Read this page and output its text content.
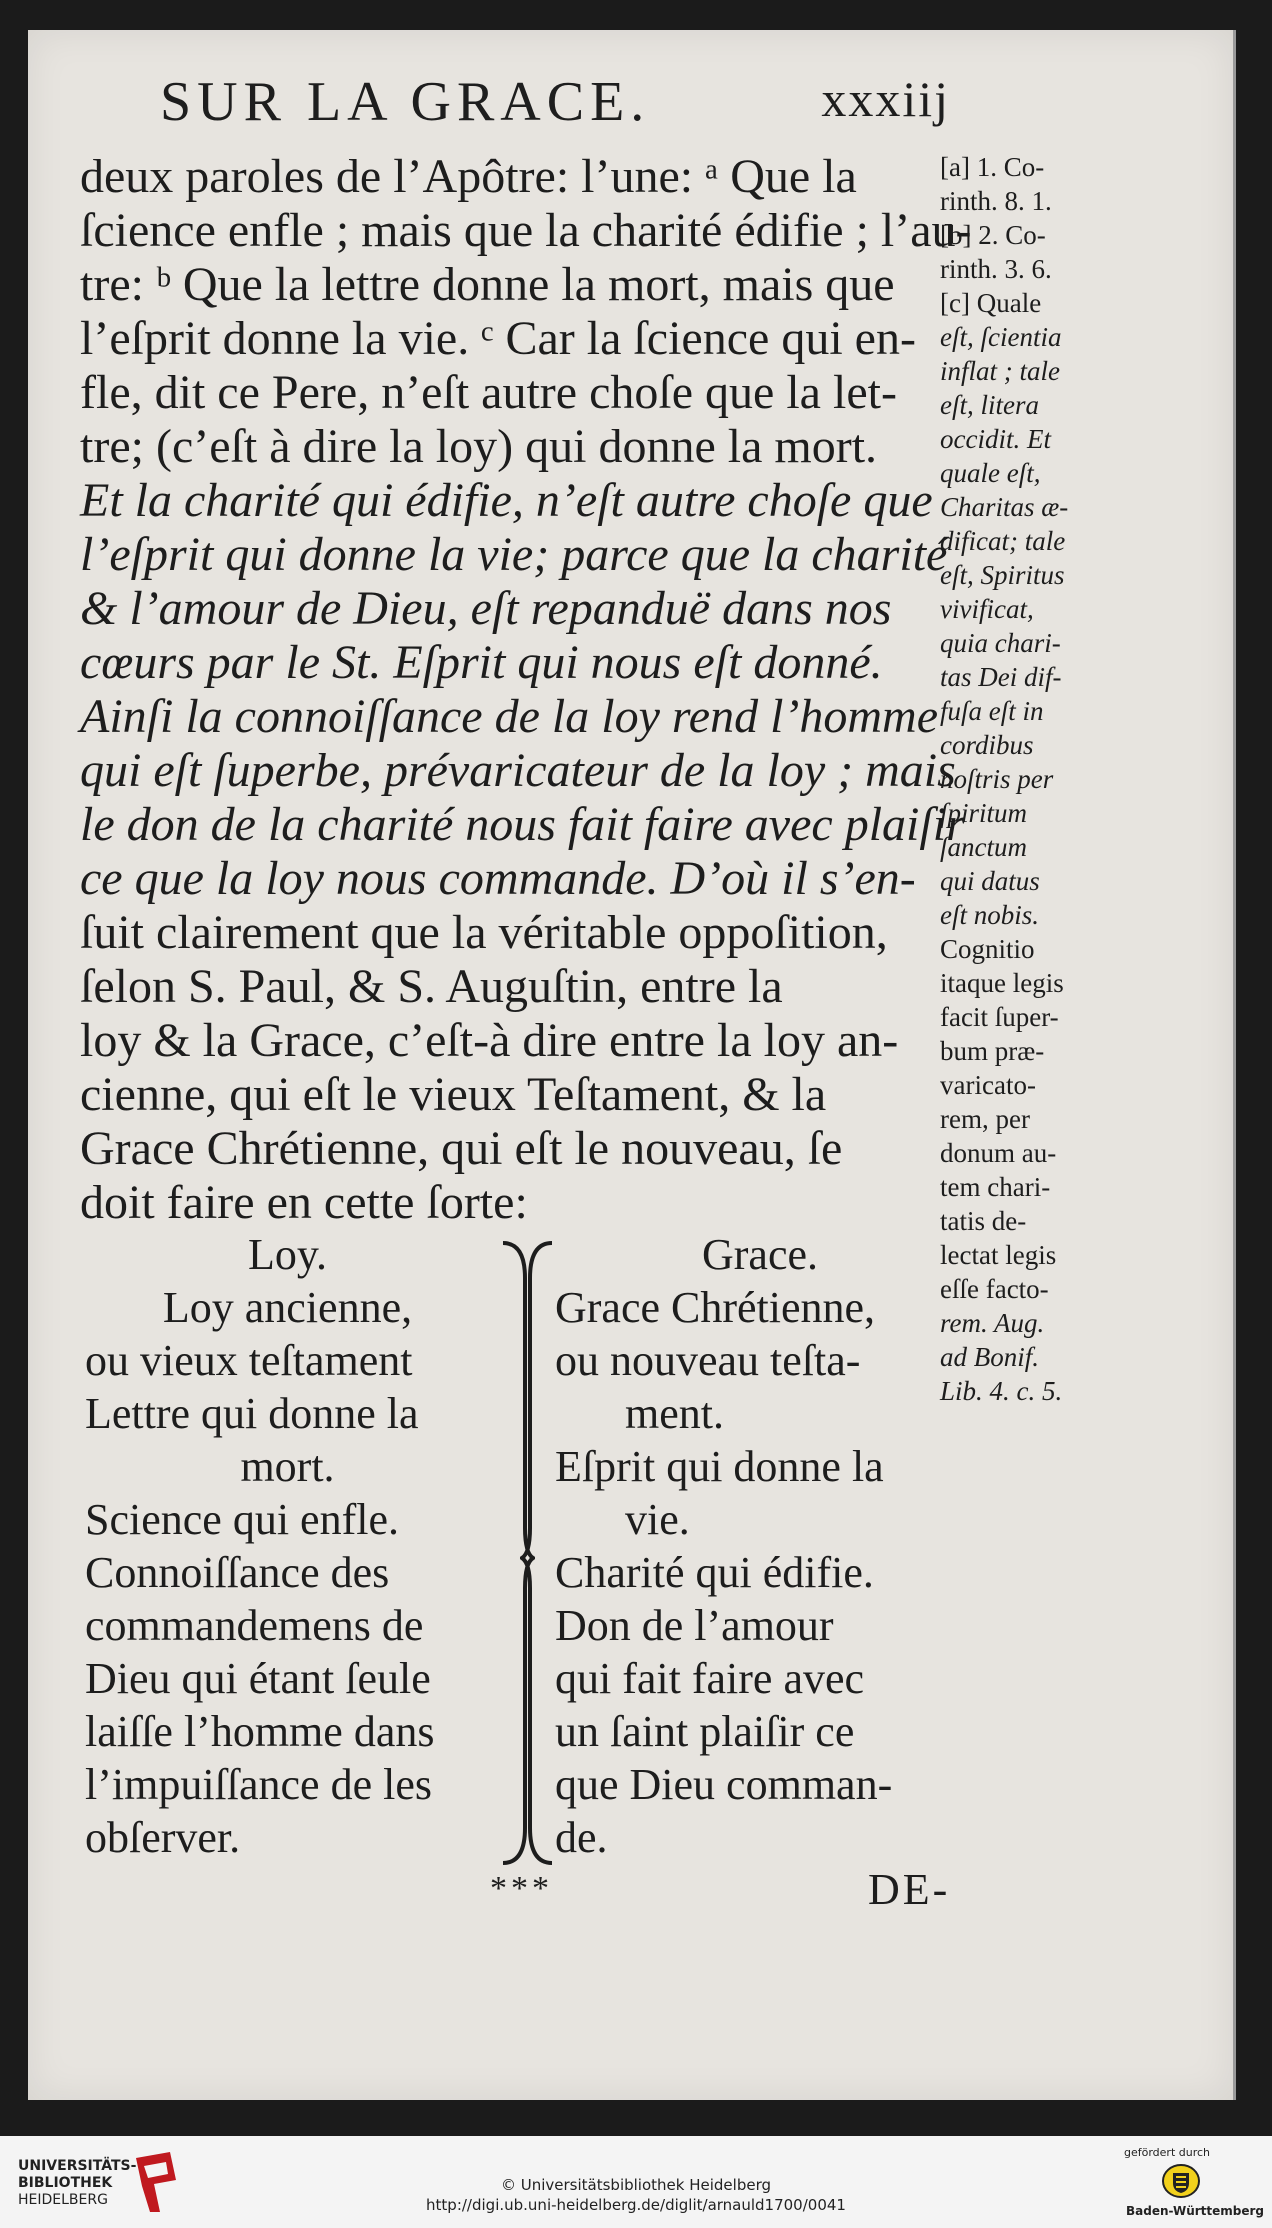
SUR LA GRACE.	xxxiij
deux paroles de l’Apôtre: l’une: ᵃ Que la
ſcience enfle ; mais que la charité édifie ; l’au-
tre: ᵇ Que la lettre donne la mort, mais que
l’eſprit donne la vie. ᶜ Car la ſcience qui en-
fle, dit ce Pere, n’eſt autre choſe que la let-
tre; (c’eſt à dire la loy) qui donne la mort.
Et la charité qui édifie, n’eſt autre choſe que
l’eſprit qui donne la vie; parce que la charité
& l’amour de Dieu, eſt repanduë dans nos
cœurs par le St. Eſprit qui nous eſt donné.
Ainſi la connoiſſance de la loy rend l’homme
qui eſt ſuperbe, prévaricateur de la loy ; mais
le don de la charité nous fait faire avec plaiſir
ce que la loy nous commande. D’où il s’en-
ſuit clairement que la véritable oppoſition,
ſelon S. Paul, & S. Auguſtin, entre la
loy & la Grace, c’eſt-à dire entre la loy an-
cienne, qui eſt le vieux Teſtament, & la
Grace Chrétienne, qui eſt le nouveau, ſe
doit faire en cette ſorte:
[a] 1. Co-
rinth. 8. 1.
[b] 2. Co-
rinth. 3. 6.
[c] Quale
eſt, ſcientia
inflat ; tale
eſt, litera
occidit. Et
quale eſt,
Charitas æ-
dificat; tale
eſt, Spiritus
vivificat,
quia chari-
tas Dei dif-
fuſa eſt in
cordibus
noſtris per
ſpiritum
ſanctum
qui datus
eſt nobis.
Cognitio
itaque legis
facit ſuper-
bum præ-
varicato-
rem, per
donum au-
tem chari-
tatis de-
lectat legis
eſſe facto-
rem. Aug.
ad Bonif.
Lib. 4. c. 5.
Loy.
Loy ancienne,
ou vieux teſtament
Lettre qui donne la
mort.
Science qui enfle.
Connoiſſance des
commandemens de
Dieu qui étant ſeule
laiſſe l’homme dans
l’impuiſſance de les
obſerver.
Grace.
Grace Chrétienne,
ou nouveau teſta-
ment.
Eſprit qui donne la
vie.
Charité qui édifie.
Don de l’amour
qui fait faire avec
un ſaint plaiſir ce
que Dieu comman-
de.
***	DE-
UNIVERSITÄTS-
BIBLIOTHEK
HEIDELBERG
© Universitätsbibliothek Heidelberg
http://digi.ub.uni-heidelberg.de/diglit/arnauld1700/0041
gefördert durch
Baden-Württemberg
